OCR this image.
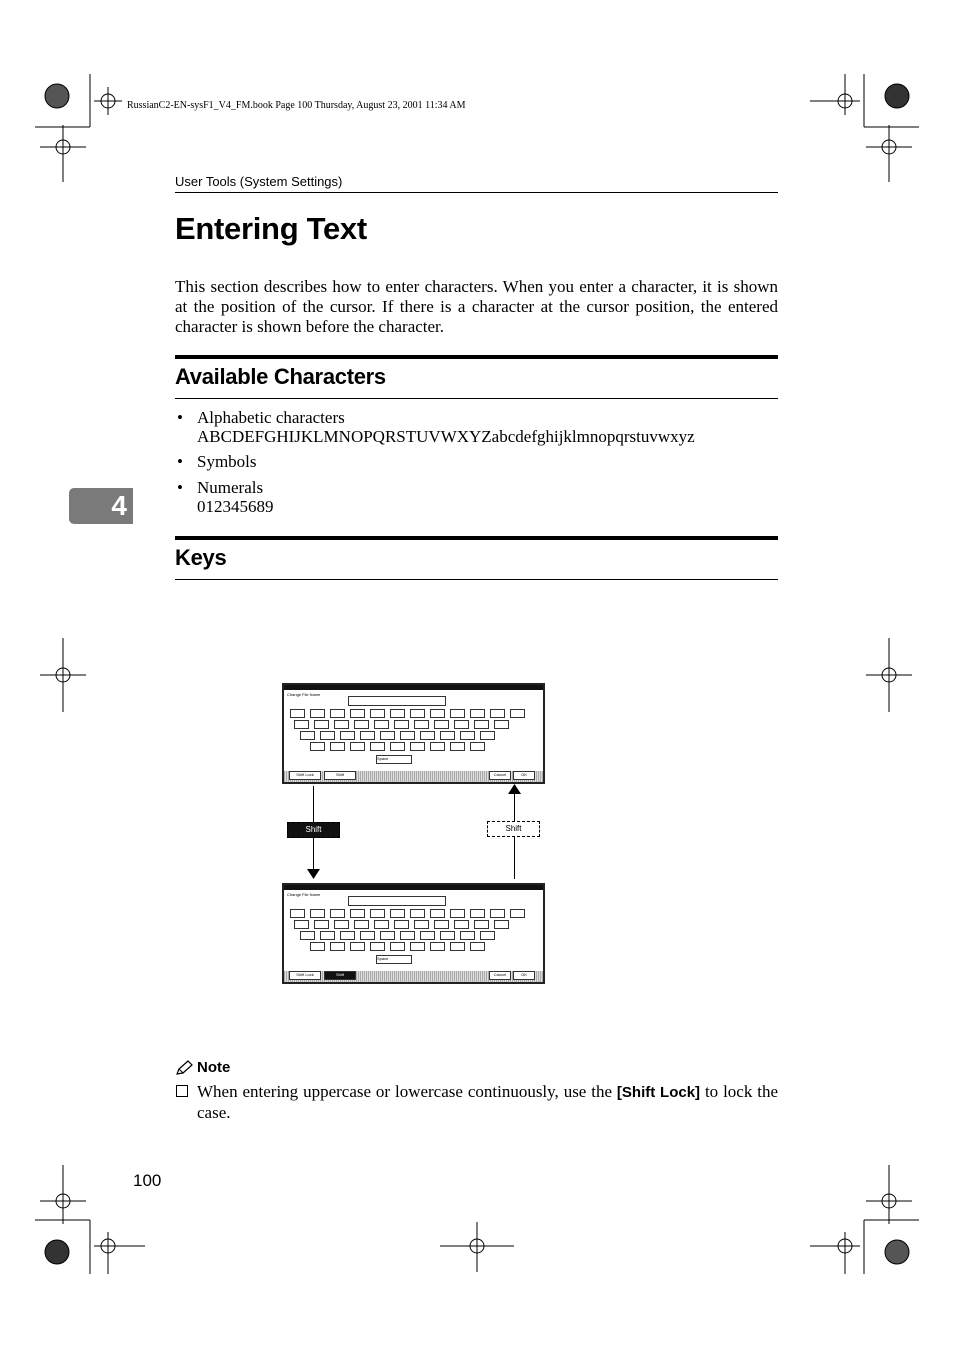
RussianC2-EN-sysF1_V4_FM.book Page 100 Thursday, August 23, 2001 11:34 AM
User Tools (System Settings)
Entering Text
This section describes how to enter characters. When you enter a character, it is shown at the position of the cursor. If there is a character at the cursor position, the entered character is shown before the character.
Available Characters
• Alphabetic characters
ABCDEFGHIJKLMNOPQRSTUVWXYZabcdefghijklmnopqrstuvwxyz
• Symbols
• Numerals
012345689
4
Keys
Change File Name
Shift Lock	Shift	Cancel	OK
Space
Change File Name
Shift Lock	Shift	Cancel	OK
Space
Shift	Shift
Note
When entering uppercase or lowercase continuously, use the [Shift Lock] to lock the case.
100
